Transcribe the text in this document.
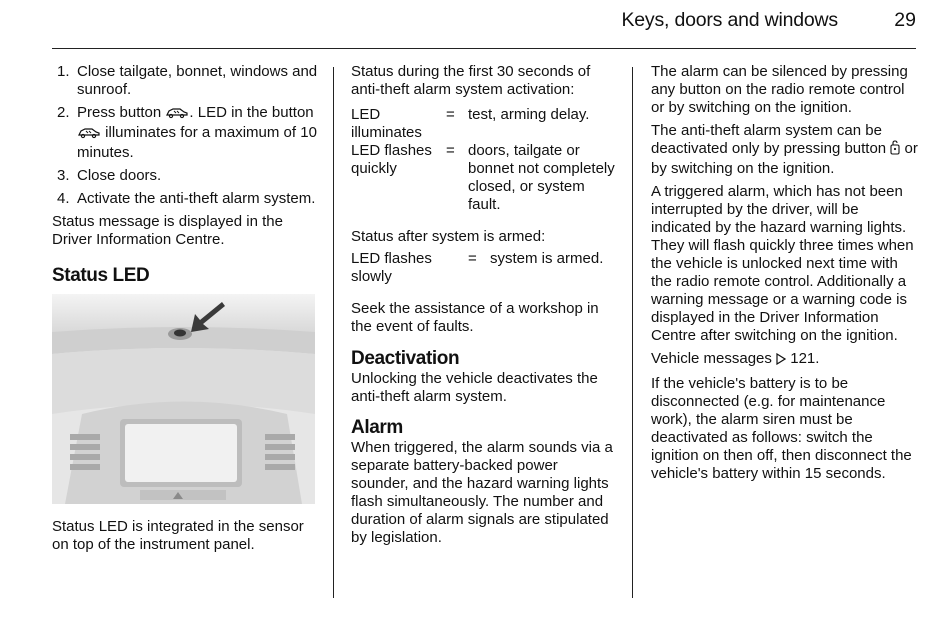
Keys, doors and windows	29
1. Close tailgate, bonnet, windows and sunroof.
2. Press button . LED in the button  illuminates for a maximum of 10 minutes.
3. Close doors.
4. Activate the anti-theft alarm system.

Status message is displayed in the Driver Information Centre.

Status LED

Status LED is integrated in the sensor on top of the instrument panel.

Status during the first 30 seconds of anti-theft alarm system activation:

LED illuminates	=	test, arming delay.
LED flashes quickly	=	doors, tailgate or bonnet not completely closed, or system fault.

Status after system is armed:

LED flashes slowly	=	system is armed.

Seek the assistance of a workshop in the event of faults.

Deactivation

Unlocking the vehicle deactivates the anti-theft alarm system.

Alarm

When triggered, the alarm sounds via a separate battery-backed power sounder, and the hazard warning lights flash simultaneously. The number and duration of alarm signals are stipulated by legislation.

The alarm can be silenced by pressing any button on the radio remote control or by switching on the ignition.

The anti-theft alarm system can be deactivated only by pressing button or by switching on the ignition.

A triggered alarm, which has not been interrupted by the driver, will be indicated by the hazard warning lights. They will flash quickly three times when the vehicle is unlocked next time with the radio remote control. Additionally a warning message or a warning code is displayed in the Driver Information Centre after switching on the ignition.

Vehicle messages 121.

If the vehicle's battery is to be disconnected (e.g. for maintenance work), the alarm siren must be deactivated as follows: switch the ignition on then off, then disconnect the vehicle's battery within 15 seconds.
